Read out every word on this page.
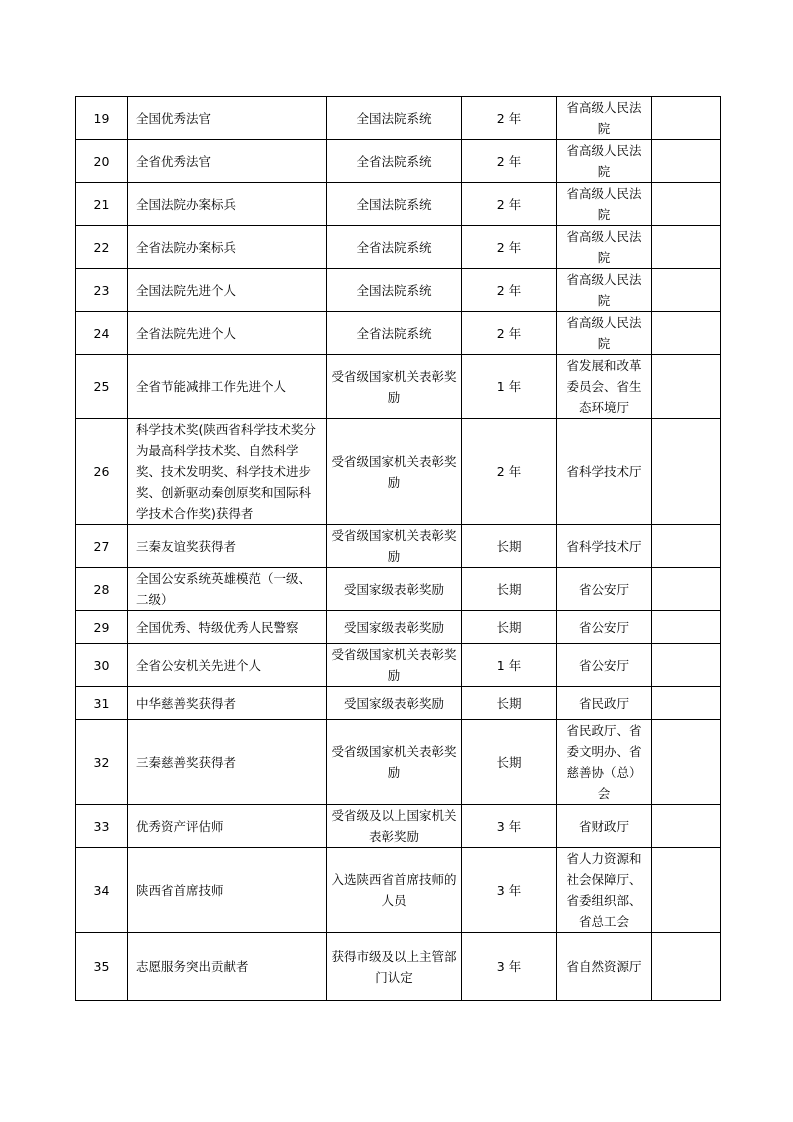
19	全国优秀法官	全国法院系统	2 年	省高级人民法院	
20	全省优秀法官	全省法院系统	2 年	省高级人民法院	
21	全国法院办案标兵	全国法院系统	2 年	省高级人民法院	
22	全省法院办案标兵	全省法院系统	2 年	省高级人民法院	
23	全国法院先进个人	全国法院系统	2 年	省高级人民法院	
24	全省法院先进个人	全省法院系统	2 年	省高级人民法院	
25	全省节能减排工作先进个人	受省级国家机关表彰奖励	1 年	省发展和改革委员会、省生态环境厅	
26	科学技术奖(陕西省科学技术奖分为最高科学技术奖、自然科学奖、技术发明奖、科学技术进步奖、创新驱动秦创原奖和国际科学技术合作奖)获得者	受省级国家机关表彰奖励	2 年	省科学技术厅	
27	三秦友谊奖获得者	受省级国家机关表彰奖励	长期	省科学技术厅	
28	全国公安系统英雄模范（一级、二级）	受国家级表彰奖励	长期	省公安厅	
29	全国优秀、特级优秀人民警察	受国家级表彰奖励	长期	省公安厅	
30	全省公安机关先进个人	受省级国家机关表彰奖励	1 年	省公安厅	
31	中华慈善奖获得者	受国家级表彰奖励	长期	省民政厅	
32	三秦慈善奖获得者	受省级国家机关表彰奖励	长期	省民政厅、省委文明办、省慈善协（总）会	
33	优秀资产评估师	受省级及以上国家机关表彰奖励	3 年	省财政厅	
34	陕西省首席技师	入选陕西省首席技师的人员	3 年	省人力资源和社会保障厅、省委组织部、省总工会	
35	志愿服务突出贡献者	获得市级及以上主管部门认定	3 年	省自然资源厅	
